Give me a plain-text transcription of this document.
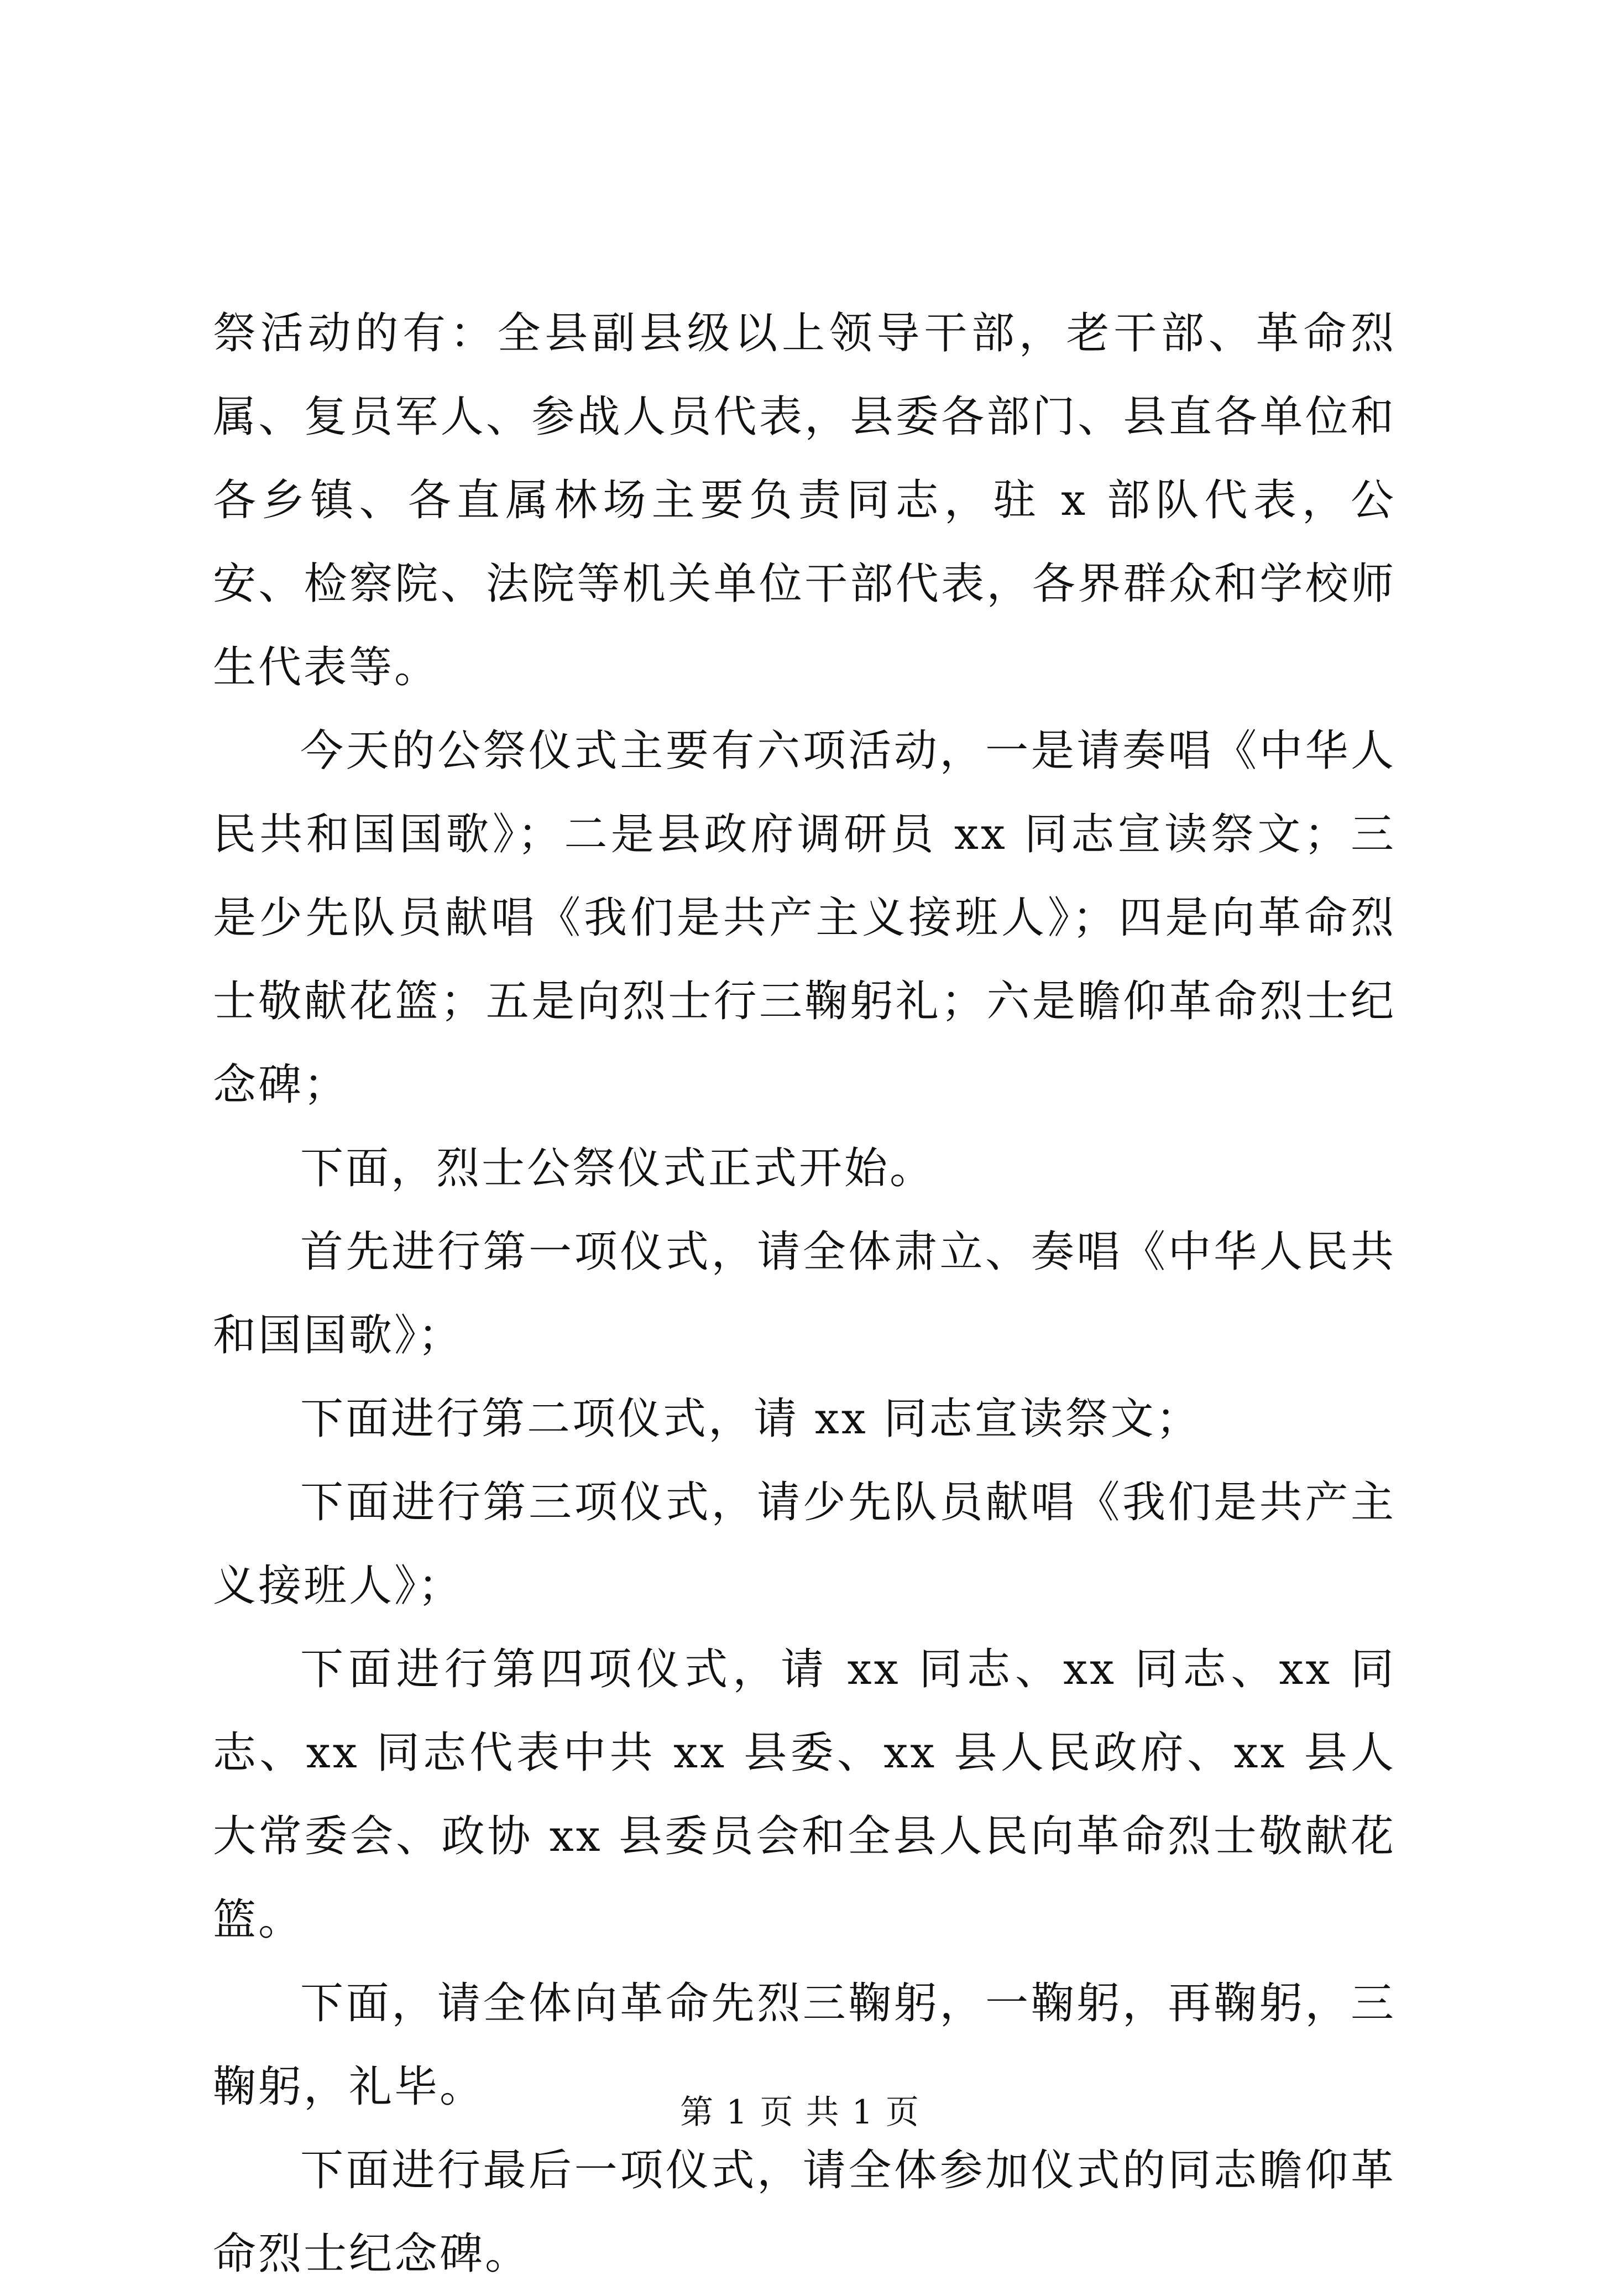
祭活动的有：全县副县级以上领导干部，老干部、革命烈属、复员军人、参战人员代表，县委各部门、县直各单位和各乡镇、各直属林场主要负责同志，驻 x 部队代表，公安、检察院、法院等机关单位干部代表，各界群众和学校师生代表等。

今天的公祭仪式主要有六项活动，一是请奏唱《中华人民共和国国歌》；二是县政府调研员 xx 同志宣读祭文；三是少先队员献唱《我们是共产主义接班人》；四是向革命烈士敬献花篮；五是向烈士行三鞠躬礼；六是瞻仰革命烈士纪念碑；

下面，烈士公祭仪式正式开始。

首先进行第一项仪式，请全体肃立、奏唱《中华人民共和国国歌》；

下面进行第二项仪式，请 xx 同志宣读祭文；

下面进行第三项仪式，请少先队员献唱《我们是共产主义接班人》；

下面进行第四项仪式，请 xx 同志、xx 同志、xx 同志、xx 同志代表中共 xx 县委、xx 县人民政府、xx 县人大常委会、政协 xx 县委员会和全县人民向革命烈士敬献花篮。

下面，请全体向革命先烈三鞠躬，一鞠躬，再鞠躬，三鞠躬，礼毕。

下面进行最后一项仪式，请全体参加仪式的同志瞻仰革命烈士纪念碑。

第 1 页 共 1 页
